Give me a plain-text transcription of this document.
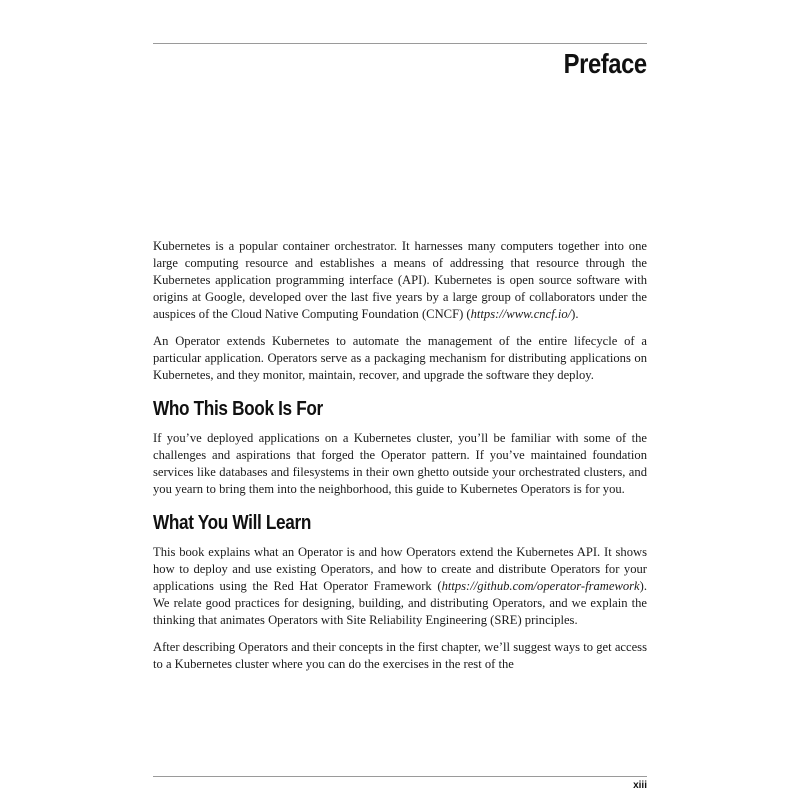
Preface

Kubernetes is a popular container orchestrator. It harnesses many computers together into one large computing resource and establishes a means of addressing that resource through the Kubernetes application programming interface (API). Kubernetes is open source software with origins at Google, developed over the last five years by a large group of collaborators under the auspices of the Cloud Native Computing Foundation (CNCF) (https://www.cncf.io/).

An Operator extends Kubernetes to automate the management of the entire lifecycle of a particular application. Operators serve as a packaging mechanism for distributing applications on Kubernetes, and they monitor, maintain, recover, and upgrade the software they deploy.

Who This Book Is For

If you’ve deployed applications on a Kubernetes cluster, you’ll be familiar with some of the challenges and aspirations that forged the Operator pattern. If you’ve maintained foundation services like databases and filesystems in their own ghetto outside your orchestrated clusters, and you yearn to bring them into the neighborhood, this guide to Kubernetes Operators is for you.

What You Will Learn

This book explains what an Operator is and how Operators extend the Kubernetes API. It shows how to deploy and use existing Operators, and how to create and distribute Operators for your applications using the Red Hat Operator Framework (https://github.com/operator-framework). We relate good practices for designing, building, and distributing Operators, and we explain the thinking that animates Operators with Site Reliability Engineering (SRE) principles.

After describing Operators and their concepts in the first chapter, we’ll suggest ways to get access to a Kubernetes cluster where you can do the exercises in the rest of the

xiii
